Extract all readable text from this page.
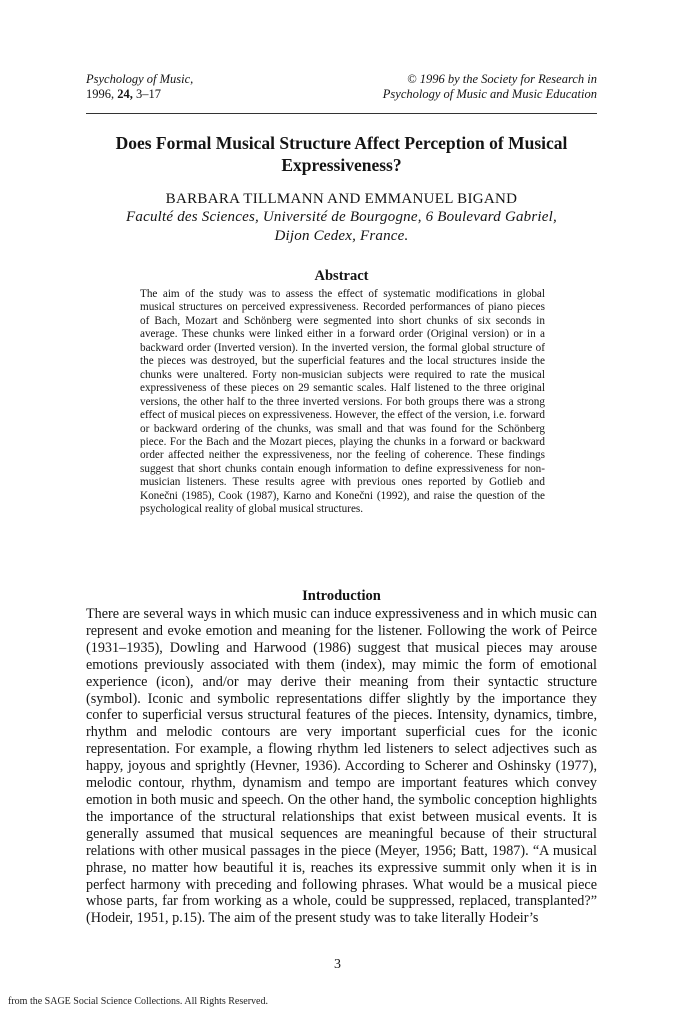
Psychology of Music,
1996, 24, 3–17
© 1996 by the Society for Research in
Psychology of Music and Music Education
Does Formal Musical Structure Affect Perception of Musical Expressiveness?
BARBARA TILLMANN AND EMMANUEL BIGAND
Faculté des Sciences, Université de Bourgogne, 6 Boulevard Gabriel,
Dijon Cedex, France.
Abstract
The aim of the study was to assess the effect of systematic modifications in global musical structures on perceived expressiveness. Recorded performances of piano pieces of Bach, Mozart and Schönberg were segmented into short chunks of six seconds in average. These chunks were linked either in a forward order (Original version) or in a backward order (Inverted version). In the inverted version, the formal global structure of the pieces was destroyed, but the superficial features and the local structures inside the chunks were unaltered. Forty non-musician subjects were required to rate the musical expressiveness of these pieces on 29 semantic scales. Half listened to the three original versions, the other half to the three inverted versions. For both groups there was a strong effect of musical pieces on expressiveness. However, the effect of the version, i.e. forward or backward ordering of the chunks, was small and that was found for the Schönberg piece. For the Bach and the Mozart pieces, playing the chunks in a forward or backward order affected neither the expressiveness, nor the feeling of coherence. These findings suggest that short chunks contain enough information to define expressiveness for non-musician listeners. These results agree with previous ones reported by Gotlieb and Konečni (1985), Cook (1987), Karno and Konečni (1992), and raise the question of the psychological reality of global musical structures.
Introduction
There are several ways in which music can induce expressiveness and in which music can represent and evoke emotion and meaning for the listener. Following the work of Peirce (1931–1935), Dowling and Harwood (1986) suggest that musical pieces may arouse emotions previously associated with them (index), may mimic the form of emotional experience (icon), and/or may derive their meaning from their syntactic structure (symbol). Iconic and symbolic representations differ slightly by the importance they confer to superficial versus structural features of the pieces. Intensity, dynamics, timbre, rhythm and melodic contours are very important superficial cues for the iconic representation. For example, a flowing rhythm led listeners to select adjectives such as happy, joyous and sprightly (Hevner, 1936). According to Scherer and Oshinsky (1977), melodic contour, rhythm, dynamism and tempo are important features which convey emotion in both music and speech. On the other hand, the symbolic conception highlights the importance of the structural relationships that exist between musical events. It is generally assumed that musical sequences are meaningful because of their structural relations with other musical passages in the piece (Meyer, 1956; Batt, 1987). “A musical phrase, no matter how beautiful it is, reaches its expressive summit only when it is in perfect harmony with preceding and following phrases. What would be a musical piece whose parts, far from working as a whole, could be suppressed, replaced, transplanted?” (Hodeir, 1951, p.15). The aim of the present study was to take literally Hodeir’s
3
from the SAGE Social Science Collections. All Rights Reserved.
